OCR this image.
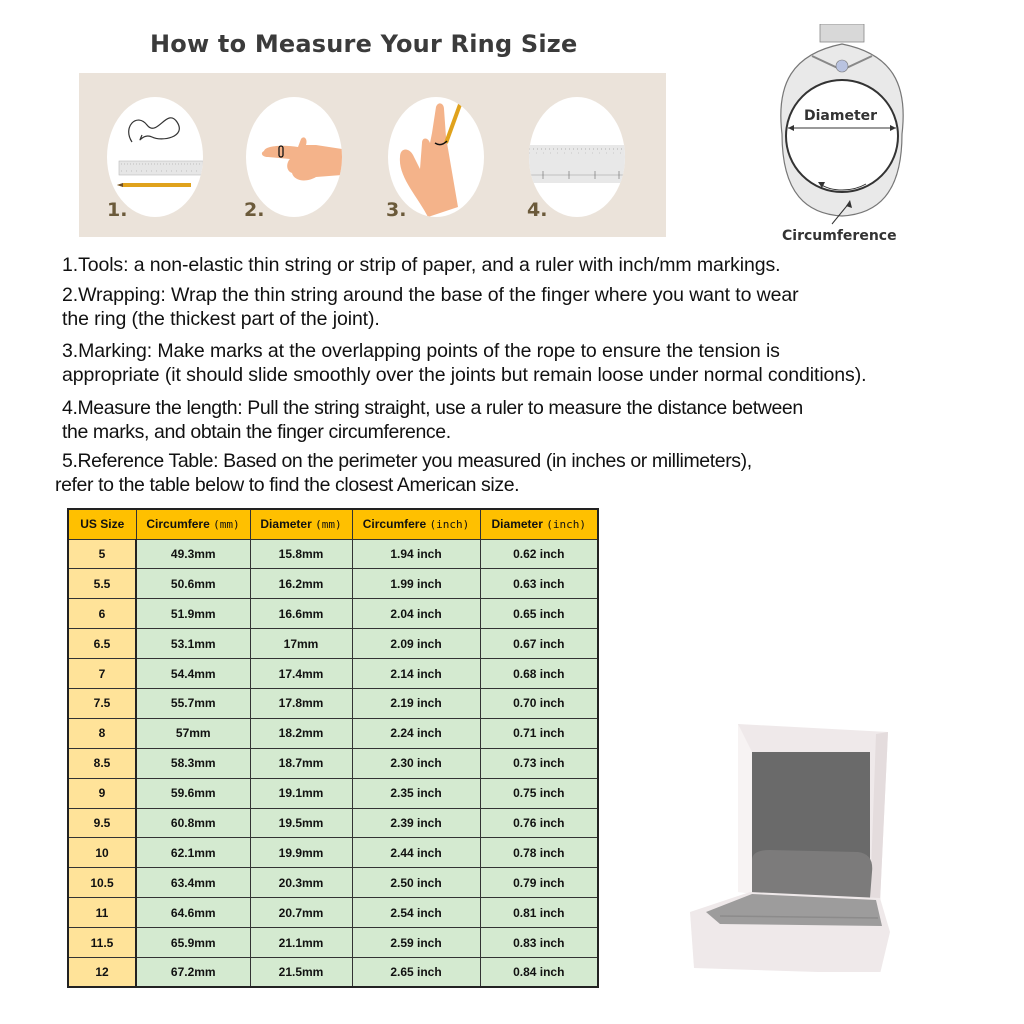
How to Measure Your Ring Size
1.	2.	3.	4.
Diameter
Circumference
1.Tools: a non-elastic thin string or strip of paper, and a ruler with inch/mm markings.
2.Wrapping: Wrap the thin string around the base of the finger where you want to wear
the ring (the thickest part of the joint).
3.Marking: Make marks at the overlapping points of the rope to ensure the tension is
appropriate (it should slide smoothly over the joints but remain loose under normal conditions).
4.Measure the length: Pull the string straight, use a ruler to measure the distance between
the marks, and obtain the finger circumference.
5.Reference Table: Based on the perimeter you measured (in inches or millimeters),
refer to the table below to find the closest American size.
US Size	Circumfere (mm)	Diameter (mm)	Circumfere (inch)	Diameter (inch)
5	49.3mm	15.8mm	1.94 inch	0.62 inch
5.5	50.6mm	16.2mm	1.99 inch	0.63 inch
6	51.9mm	16.6mm	2.04 inch	0.65 inch
6.5	53.1mm	17mm	2.09 inch	0.67 inch
7	54.4mm	17.4mm	2.14 inch	0.68 inch
7.5	55.7mm	17.8mm	2.19 inch	0.70 inch
8	57mm	18.2mm	2.24 inch	0.71 inch
8.5	58.3mm	18.7mm	2.30 inch	0.73 inch
9	59.6mm	19.1mm	2.35 inch	0.75 inch
9.5	60.8mm	19.5mm	2.39 inch	0.76 inch
10	62.1mm	19.9mm	2.44 inch	0.78 inch
10.5	63.4mm	20.3mm	2.50 inch	0.79 inch
11	64.6mm	20.7mm	2.54 inch	0.81 inch
11.5	65.9mm	21.1mm	2.59 inch	0.83 inch
12	67.2mm	21.5mm	2.65 inch	0.84 inch
